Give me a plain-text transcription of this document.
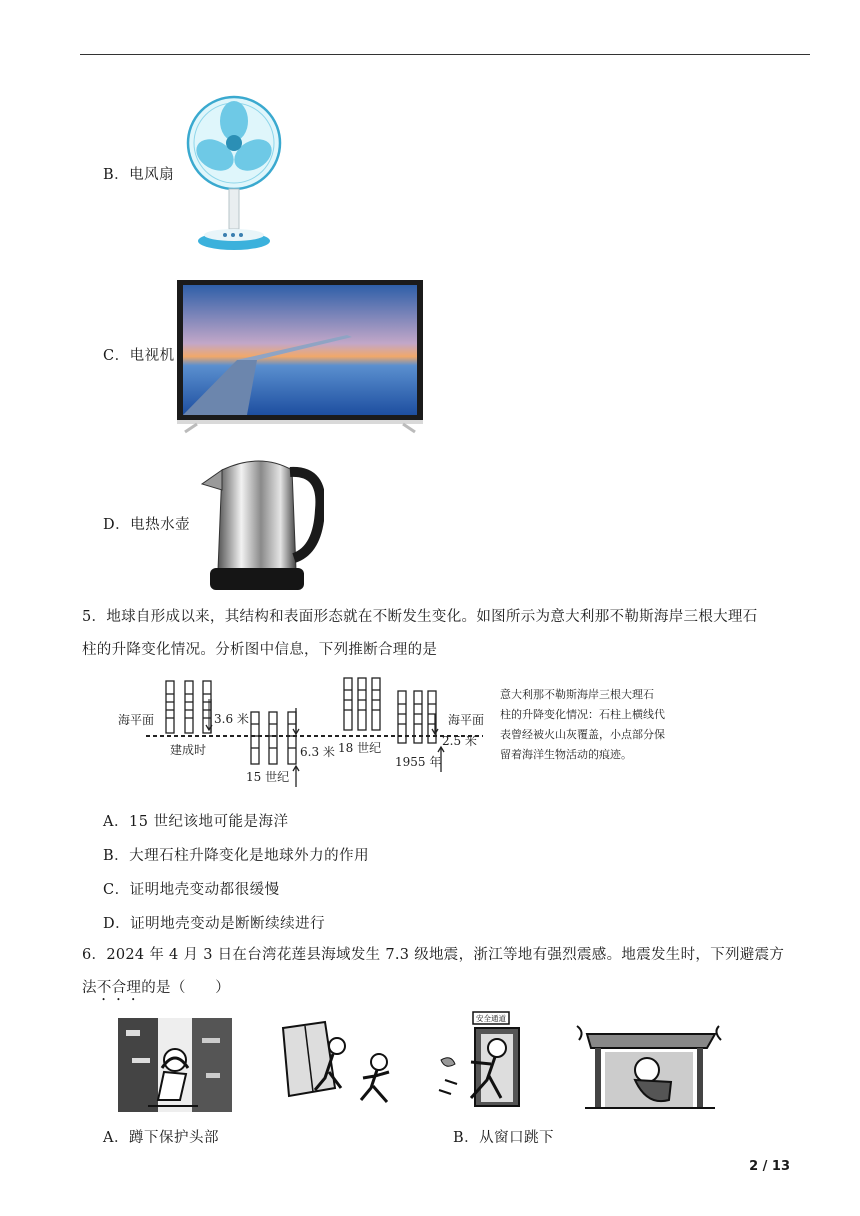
B．电风扇
C．电视机
D．电热水壶
5．地球自形成以来，其结构和表面形态就在不断发生变化。如图所示为意大利那不勒斯海岸三根大理石
柱的升降变化情况。分析图中信息，下列推断合理的是
海平面	海平面
3.6 米
6.3 米
2.5 米
建成时
15 世纪
18 世纪
1955 年
意大利那不勒斯海岸三根大理石
柱的升降变化情况：石柱上横线代
表曾经被火山灰覆盖，小点部分保
留着海洋生物活动的痕迹。
A．15 世纪该地可能是海洋
B．大理石柱升降变化是地球外力的作用
C．证明地壳变动都很缓慢
D．证明地壳变动是断断续续进行
6．2024 年 4 月 3 日在台湾花莲县海域发生 7.3 级地震，浙江等地有强烈震感。地震发生时，下列避震方
法不合理的是（　　）
安全通道
A．蹲下保护头部	B．从窗口跳下
2 / 13
